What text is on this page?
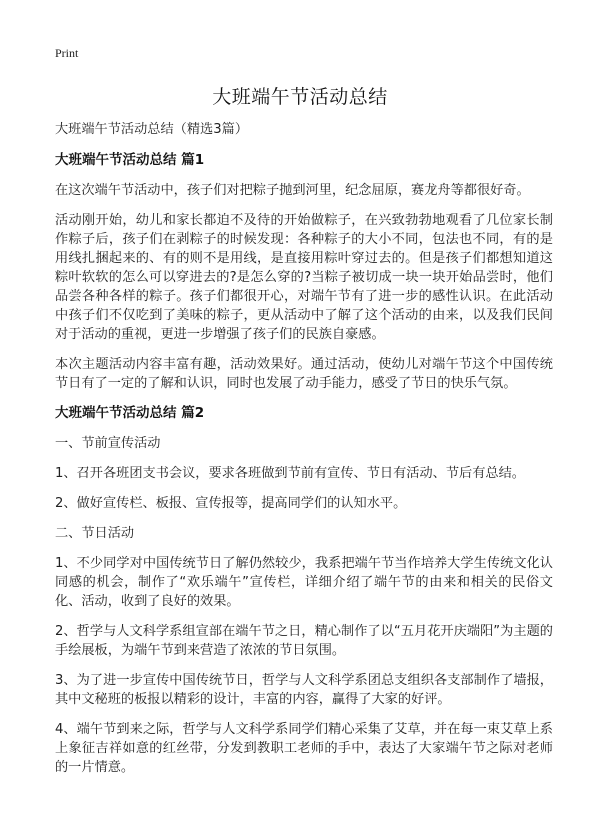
Print
大班端午节活动总结

大班端午节活动总结（精选3篇）

大班端午节活动总结 篇1

在这次端午节活动中，孩子们对把粽子抛到河里，纪念屈原，赛龙舟等都很好奇。

活动刚开始，幼儿和家长都迫不及待的开始做粽子，在兴致勃勃地观看了几位家长制作粽子后，孩子们在剥粽子的时候发现：各种粽子的大小不同，包法也不同，有的是用线扎捆起来的、有的则不是用线，是直接用粽叶穿过去的。但是孩子们都想知道这粽叶软软的怎么可以穿进去的?是怎么穿的?当粽子被切成一块一块开始品尝时，他们品尝各种各样的粽子。孩子们都很开心，对端午节有了进一步的感性认识。在此活动中孩子们不仅吃到了美味的粽子，更从活动中了解了这个活动的由来，以及我们民间对于活动的重视，更进一步增强了孩子们的民族自豪感。

本次主题活动内容丰富有趣，活动效果好。通过活动，使幼儿对端午节这个中国传统节日有了一定的了解和认识，同时也发展了动手能力，感受了节日的快乐气氛。

大班端午节活动总结 篇2

一、节前宣传活动

1、召开各班团支书会议，要求各班做到节前有宣传、节日有活动、节后有总结。

2、做好宣传栏、板报、宣传报等，提高同学们的认知水平。

二、节日活动

1、不少同学对中国传统节日了解仍然较少，我系把端午节当作培养大学生传统文化认同感的机会，制作了“欢乐端午”宣传栏，详细介绍了端午节的由来和相关的民俗文化、活动，收到了良好的效果。

2、哲学与人文科学系组宣部在端午节之日，精心制作了以“五月花开庆端阳”为主题的手绘展板，为端午节到来营造了浓浓的节日氛围。

3、为了进一步宣传中国传统节日，哲学与人文科学系团总支组织各支部制作了墙报，其中文秘班的板报以精彩的设计，丰富的内容，赢得了大家的好评。

4、端午节到来之际，哲学与人文科学系同学们精心采集了艾草，并在每一束艾草上系上象征吉祥如意的红丝带，分发到教职工老师的手中，表达了大家端午节之际对老师的一片情意。
